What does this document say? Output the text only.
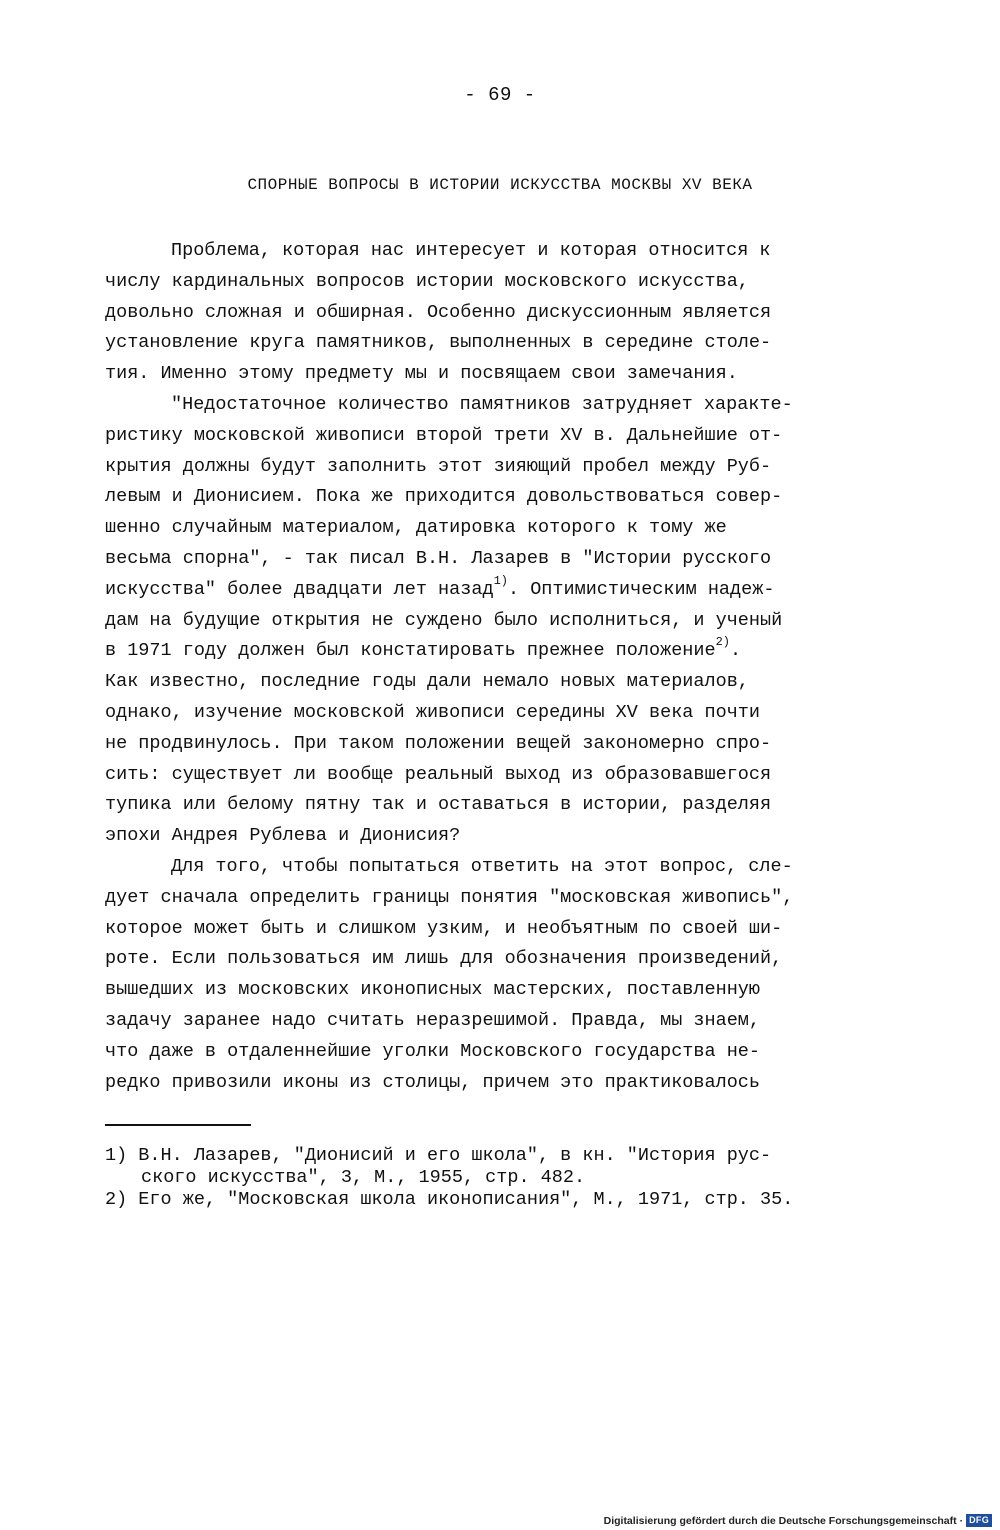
- 69 -
СПОРНЫЕ ВОПРОСЫ В ИСТОРИИ ИСКУССТВА МОСКВЫ XV ВЕКА
Проблема, которая нас интересует и которая относится к
числу кардинальных вопросов истории московского искусства,
довольно сложная и обширная. Особенно дискуссионным является
установление круга памятников, выполненных в середине столе-
тия. Именно этому предмету мы и посвящаем свои замечания.
"Недостаточное количество памятников затрудняет характе-
ристику московской живописи второй трети XV в. Дальнейшие от-
крытия должны будут заполнить этот зияющий пробел между Руб-
левым и Дионисием. Пока же приходится довольствоваться совер-
шенно случайным материалом, датировка которого к тому же
весьма спорна", - так писал В.Н. Лазарев в "Истории русского
искусства" более двадцати лет назад$^{1)}$. Оптимистическим надеж-
дам на будущие открытия не суждено было исполниться, и ученый
в 1971 году должен был констатировать прежнее положение$^{2)}$.
Как известно, последние годы дали немало новых материалов,
однако, изучение московской живописи середины XV века почти
не продвинулось. При таком положении вещей закономерно спро-
сить: существует ли вообще реальный выход из образовавшегося
тупика или белому пятну так и оставаться в истории, разделяя
эпохи Андрея Рублева и Дионисия?
Для того, чтобы попытаться ответить на этот вопрос, сле-
дует сначала определить границы понятия "московская живопись",
которое может быть и слишком узким, и необъятным по своей ши-
роте. Если пользоваться им лишь для обозначения произведений,
вышедших из московских иконописных мастерских, поставленную
задачу заранее надо считать неразрешимой. Правда, мы знаем,
что даже в отдаленнейшие уголки Московского государства не-
редко привозили иконы из столицы, причем это практиковалось
1) В.Н. Лазарев, "Дионисий и его школа", в кн. "История рус-
ского искусства", 3, М., 1955, стр. 482.
2) Его же, "Московская школа иконописания", М., 1971, стр. 35.
Digitalisierung gefördert durch die Deutsche Forschungsgemeinschaft · DFG
